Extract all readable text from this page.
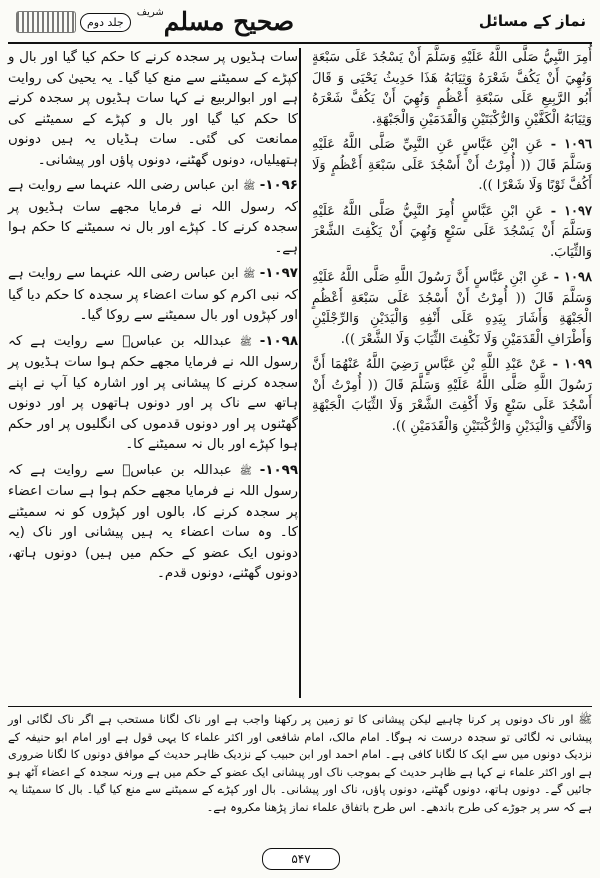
صحیح مسلم
شریف
جلد دوم	نماز کے مسائل

أُمِرَ النَّبِيُّ صَلَّى اللَّهُ عَلَيْهِ وَسَلَّمَ أَنْ يَسْجُدَ عَلَى سَبْعَةٍ وَنُهِيَ أَنْ يَكُفَّ شَعْرَهُ وَثِيَابَهُ هَذَا حَدِيثُ يَحْيَى وَ قَالَ أَبُو الرَّبِيعِ عَلَى سَبْعَةِ أَعْظُمٍ وَنُهِيَ أَنْ يَكُفَّ شَعْرَهُ وَثِيَابَهُ الْكَفَّيْنِ وَالرُّكْبَتَيْنِ وَالْقَدَمَيْنِ وَالْجَبْهَةِ.

١٠٩٦ - عَنِ ابْنِ عَبَّاسٍ عَنِ النَّبِيِّ صَلَّى اللَّهُ عَلَيْهِ وَسَلَّمَ قَالَ (( أُمِرْتُ أَنْ أَسْجُدَ عَلَى سَبْعَةِ أَعْظُمٍ وَلَا أَكُفَّ ثَوْبًا وَلَا شَعْرًا )).

١٠٩٧ - عَنِ ابْنِ عَبَّاسٍ أُمِرَ النَّبِيُّ صَلَّى اللَّهُ عَلَيْهِ وَسَلَّمَ أَنْ يَسْجُدَ عَلَى سَبْعٍ وَنُهِيَ أَنْ يَكْفِتَ الشَّعْرَ وَالثِّيَابَ.

١٠٩٨ - عَنِ ابْنِ عَبَّاسٍ أَنَّ رَسُولَ اللَّهِ صَلَّى اللَّهُ عَلَيْهِ وَسَلَّمَ قَالَ (( أُمِرْتُ أَنْ أَسْجُدَ عَلَى سَبْعَةِ أَعْظُمٍ الْجَبْهَةِ وَأَشَارَ بِيَدِهِ عَلَى أَنْفِهِ وَالْيَدَيْنِ وَالرِّجْلَيْنِ وَأَطْرَافِ الْقَدَمَيْنِ وَلَا نَكْفِتَ الثِّيَابَ وَلَا الشَّعْرَ )).

١٠٩٩ - عَنْ عَبْدِ اللَّهِ بْنِ عَبَّاسٍ رَضِيَ اللَّهُ عَنْهُمَا أَنَّ رَسُولَ اللَّهِ صَلَّى اللَّهُ عَلَيْهِ وَسَلَّمَ قَالَ (( أُمِرْتُ أَنْ أَسْجُدَ عَلَى سَبْعٍ وَلَا أَكْفِتَ الشَّعْرَ وَلَا الثِّيَابَ الْجَبْهَةِ وَالْأَنْفِ وَالْيَدَيْنِ وَالرُّكْبَتَيْنِ وَالْقَدَمَيْنِ )).

سات ہڈیوں پر سجدہ کرنے کا حکم کیا گیا اور بال و کپڑے کے سمیٹنے سے منع کیا گیا۔ یہ یحییٰ کی روایت ہے اور ابوالربیع نے کہا سات ہڈیوں پر سجدہ کرنے کا حکم کیا گیا اور بال و کپڑے کے سمیٹنے کی ممانعت کی گئی۔ سات ہڈیاں یہ ہیں دونوں ہتھیلیاں، دونوں گھٹنے، دونوں پاؤں اور پیشانی۔

۱۰۹۶- ﷺ ابن عباس رضی اللہ عنہما سے روایت ہے کہ رسول اللہ نے فرمایا مجھے سات ہڈیوں پر سجدہ کرنے کا۔ کپڑے اور بال نہ سمیٹنے کا حکم ہوا ہے۔

۱۰۹۷- ﷺ ابن عباس رضی اللہ عنہما سے روایت ہے کہ نبی اکرم کو سات اعضاء پر سجدہ کا حکم دیا گیا اور کپڑوں اور بال سمیٹنے سے روکا گیا۔

۱۰۹۸- ﷺ عبداللہ بن عباسؓ سے روایت ہے کہ رسول اللہ نے فرمایا مجھے حکم ہوا سات ہڈیوں پر سجدہ کرنے کا پیشانی پر اور اشارہ کیا آپ نے اپنے ہاتھ سے ناک پر اور دونوں ہاتھوں پر اور دونوں گھٹنوں پر اور دونوں قدموں کی انگلیوں پر اور حکم ہوا کپڑے اور بال نہ سمیٹنے کا۔

۱۰۹۹- ﷺ عبداللہ بن عباسؓ سے روایت ہے کہ رسول اللہ نے فرمایا مجھے حکم ہوا ہے سات اعضاء پر سجدہ کرنے کا، بالوں اور کپڑوں کو نہ سمیٹنے کا۔ وہ سات اعضاء یہ ہیں پیشانی اور ناک (یہ دونوں ایک عضو کے حکم میں ہیں) دونوں ہاتھ، دونوں گھٹنے، دونوں قدم۔

ﷺ اور ناک دونوں پر کرنا چاہیے لیکن پیشانی کا تو زمین پر رکھنا واجب ہے اور ناک لگانا مستحب ہے اگر ناک لگائی اور پیشانی نہ لگائی تو سجدہ درست نہ ہوگا۔ امام مالک، امام شافعی اور اکثر علماء کا یہی قول ہے اور امام ابو حنیفہ کے نزدیک دونوں میں سے ایک کا لگانا کافی ہے۔ امام احمد اور ابن حبیب کے نزدیک ظاہر حدیث کے موافق دونوں کا لگانا ضروری ہے اور اکثر علماء نے کہا ہے ظاہر حدیث کے بموجب ناک اور پیشانی ایک عضو کے حکم میں ہے ورنہ سجدہ کے اعضاء آٹھ ہو جائیں گے۔ دونوں ہاتھ، دونوں گھٹنے، دونوں پاؤں، ناک اور پیشانی۔ بال اور کپڑے کے سمیٹنے سے منع کیا گیا۔ بال کا سمیٹنا یہ ہے کہ سر پر جوڑے کی طرح باندھے۔ اس طرح باتفاق علماء نماز پڑھنا مکروہ ہے۔

۵۴۷
